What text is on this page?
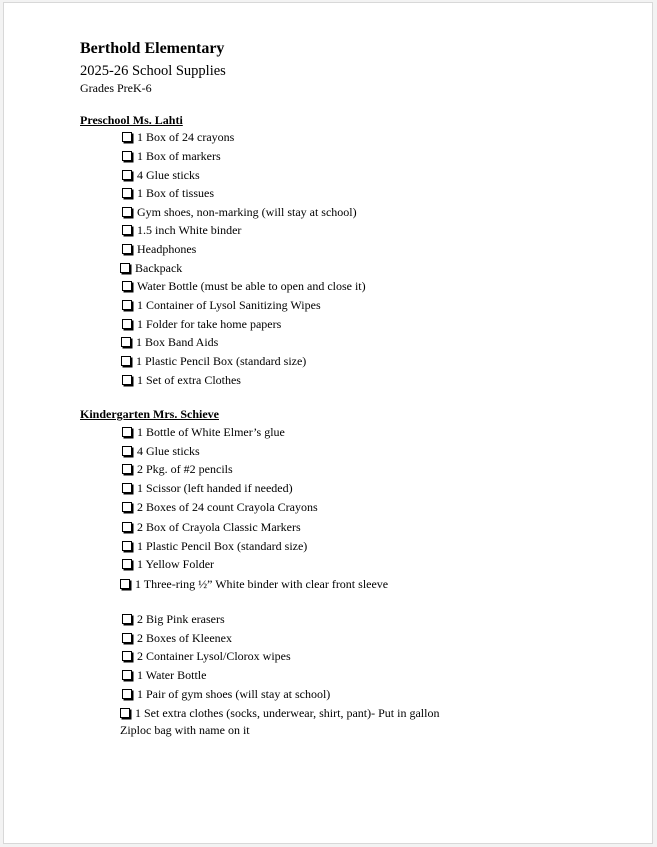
Berthold Elementary
2025-26 School Supplies
Grades PreK-6
Preschool Ms. Lahti
1 Box of 24 crayons
1 Box of markers
4 Glue sticks
1 Box of tissues
Gym shoes, non-marking (will stay at school)
1.5 inch White binder
Headphones
Backpack
Water Bottle (must be able to open and close it)
1 Container of Lysol Sanitizing Wipes
1 Folder for take home papers
1 Box Band Aids
1 Plastic Pencil Box (standard size)
1 Set of extra Clothes
Kindergarten Mrs. Schieve
1 Bottle of White Elmer’s glue
4 Glue sticks
2 Pkg. of #2 pencils
1 Scissor (left handed if needed)
2 Boxes of 24 count Crayola Crayons
2 Box of Crayola Classic Markers
1 Plastic Pencil Box (standard size)
1 Yellow Folder
1 Three-ring ½” White binder with clear front sleeve
2 Big Pink erasers
2 Boxes of Kleenex
2 Container Lysol/Clorox wipes
1 Water Bottle
1 Pair of gym shoes (will stay at school)
1 Set extra clothes (socks, underwear, shirt, pant)- Put in gallon Ziploc bag with name on it
